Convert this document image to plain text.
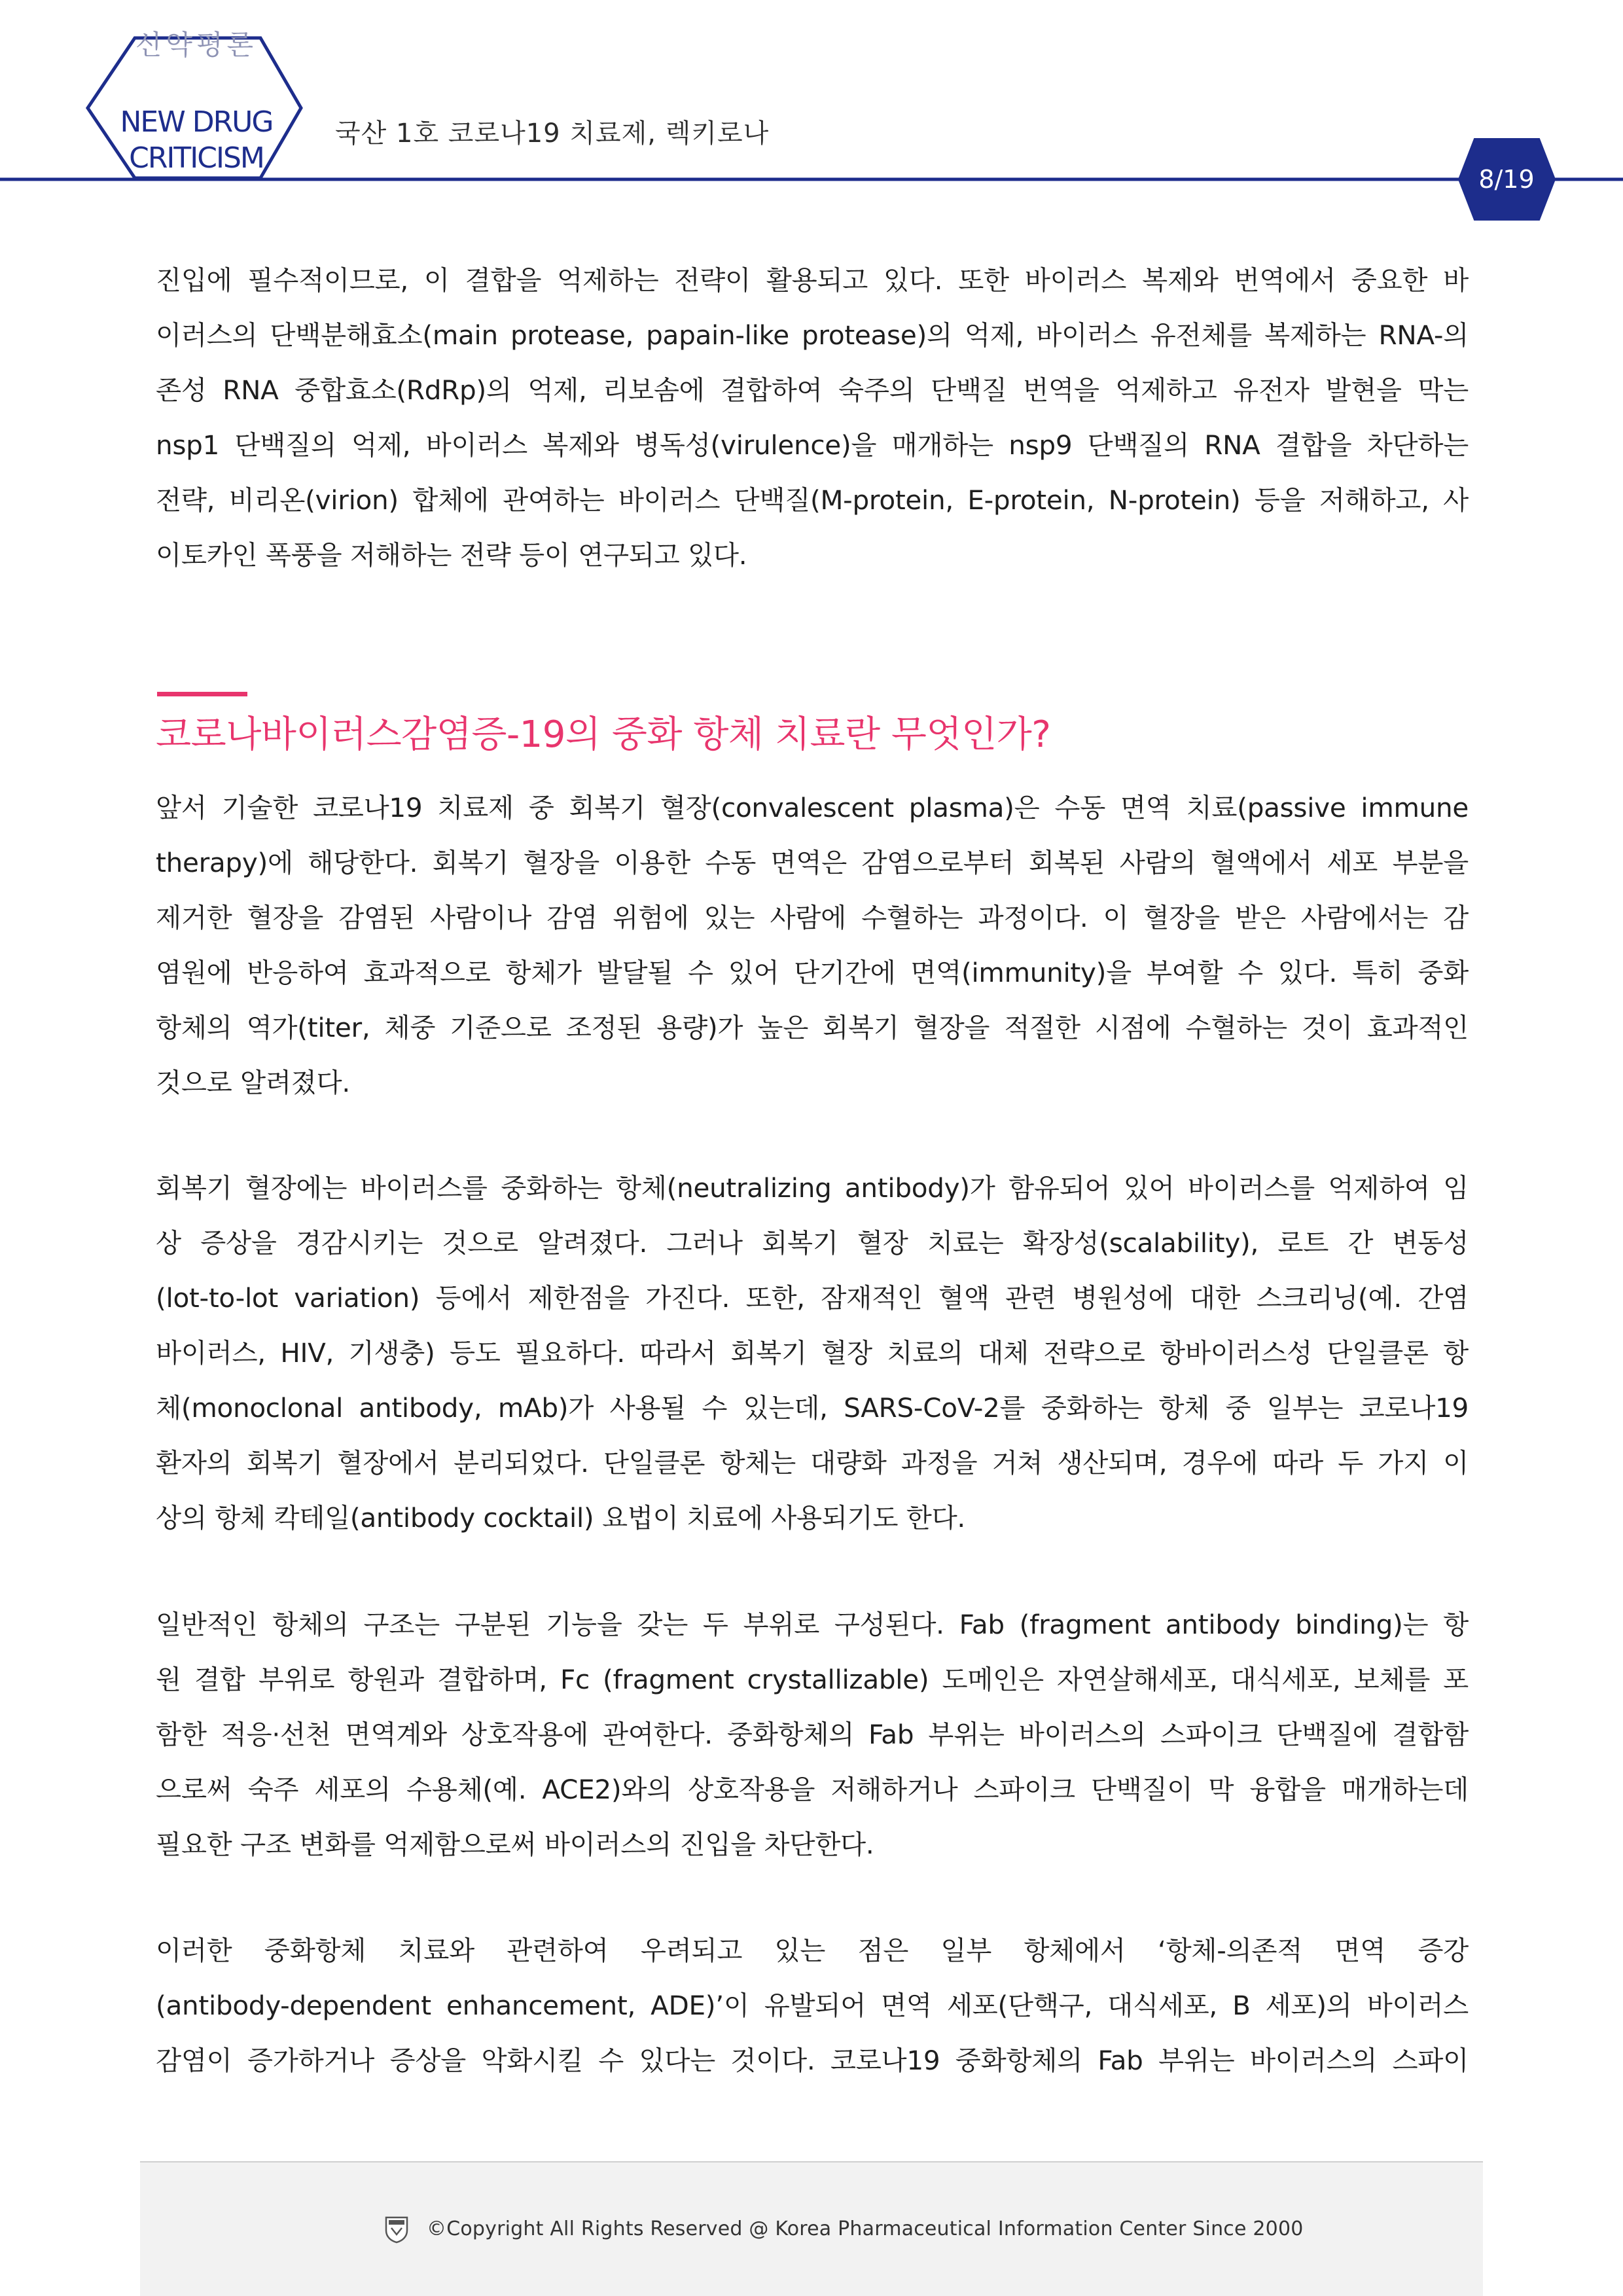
신약평론
NEW DRUG
CRITICISM
국산 1호 코로나19 치료제, 렉키로나
8/19
진입에 필수적이므로, 이 결합을 억제하는 전략이 활용되고 있다. 또한 바이러스 복제와 번역에서 중요한 바
이러스의 단백분해효소(main protease, papain-like protease)의 억제, 바이러스 유전체를 복제하는 RNA-의
존성 RNA 중합효소(RdRp)의 억제, 리보솜에 결합하여 숙주의 단백질 번역을 억제하고 유전자 발현을 막는
nsp1 단백질의 억제, 바이러스 복제와 병독성(virulence)을 매개하는 nsp9 단백질의 RNA 결합을 차단하는
전략, 비리온(virion) 합체에 관여하는 바이러스 단백질(M-protein, E-protein, N-protein) 등을 저해하고, 사
이토카인 폭풍을 저해하는 전략 등이 연구되고 있다.
코로나바이러스감염증-19의 중화 항체 치료란 무엇인가?
앞서 기술한 코로나19 치료제 중 회복기 혈장(convalescent plasma)은 수동 면역 치료(passive immune
therapy)에 해당한다. 회복기 혈장을 이용한 수동 면역은 감염으로부터 회복된 사람의 혈액에서 세포 부분을
제거한 혈장을 감염된 사람이나 감염 위험에 있는 사람에 수혈하는 과정이다. 이 혈장을 받은 사람에서는 감
염원에 반응하여 효과적으로 항체가 발달될 수 있어 단기간에 면역(immunity)을 부여할 수 있다. 특히 중화
항체의 역가(titer, 체중 기준으로 조정된 용량)가 높은 회복기 혈장을 적절한 시점에 수혈하는 것이 효과적인
것으로 알려졌다.
회복기 혈장에는 바이러스를 중화하는 항체(neutralizing antibody)가 함유되어 있어 바이러스를 억제하여 임
상 증상을 경감시키는 것으로 알려졌다. 그러나 회복기 혈장 치료는 확장성(scalability), 로트 간 변동성
(lot-to-lot variation) 등에서 제한점을 가진다. 또한, 잠재적인 혈액 관련 병원성에 대한 스크리닝(예. 간염
바이러스, HIV, 기생충) 등도 필요하다. 따라서 회복기 혈장 치료의 대체 전략으로 항바이러스성 단일클론 항
체(monoclonal antibody, mAb)가 사용될 수 있는데, SARS-CoV-2를 중화하는 항체 중 일부는 코로나19
환자의 회복기 혈장에서 분리되었다. 단일클론 항체는 대량화 과정을 거쳐 생산되며, 경우에 따라 두 가지 이
상의 항체 칵테일(antibody cocktail) 요법이 치료에 사용되기도 한다.
일반적인 항체의 구조는 구분된 기능을 갖는 두 부위로 구성된다. Fab (fragment antibody binding)는 항
원 결합 부위로 항원과 결합하며, Fc (fragment crystallizable) 도메인은 자연살해세포, 대식세포, 보체를 포
함한 적응·선천 면역계와 상호작용에 관여한다. 중화항체의 Fab 부위는 바이러스의 스파이크 단백질에 결합함
으로써 숙주 세포의 수용체(예. ACE2)와의 상호작용을 저해하거나 스파이크 단백질이 막 융합을 매개하는데
필요한 구조 변화를 억제함으로써 바이러스의 진입을 차단한다.
이러한 중화항체 치료와 관련하여 우려되고 있는 점은 일부 항체에서 ‘항체-의존적 면역 증강
(antibody-dependent enhancement, ADE)’이 유발되어 면역 세포(단핵구, 대식세포, B 세포)의 바이러스
감염이 증가하거나 증상을 악화시킬 수 있다는 것이다. 코로나19 중화항체의 Fab 부위는 바이러스의 스파이
©Copyright All Rights Reserved @ Korea Pharmaceutical Information Center Since 2000
